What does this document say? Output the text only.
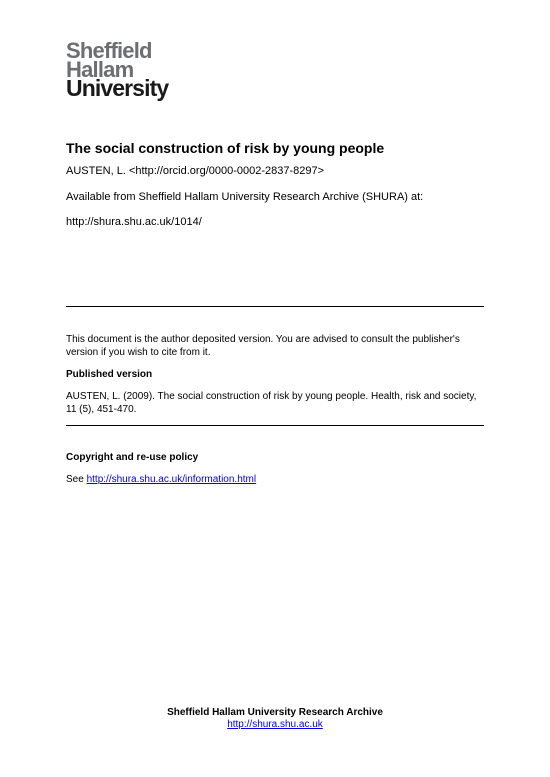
Sheffield
Hallam
University
The social construction of risk by young people
AUSTEN, L. <http://orcid.org/0000-0002-2837-8297>
Available from Sheffield Hallam University Research Archive (SHURA) at:
http://shura.shu.ac.uk/1014/
This document is the author deposited version. You are advised to consult the publisher's version if you wish to cite from it.
Published version
AUSTEN, L. (2009). The social construction of risk by young people. Health, risk and society, 11 (5), 451-470.
Copyright and re-use policy
See http://shura.shu.ac.uk/information.html
Sheffield Hallam University Research Archive
http://shura.shu.ac.uk
